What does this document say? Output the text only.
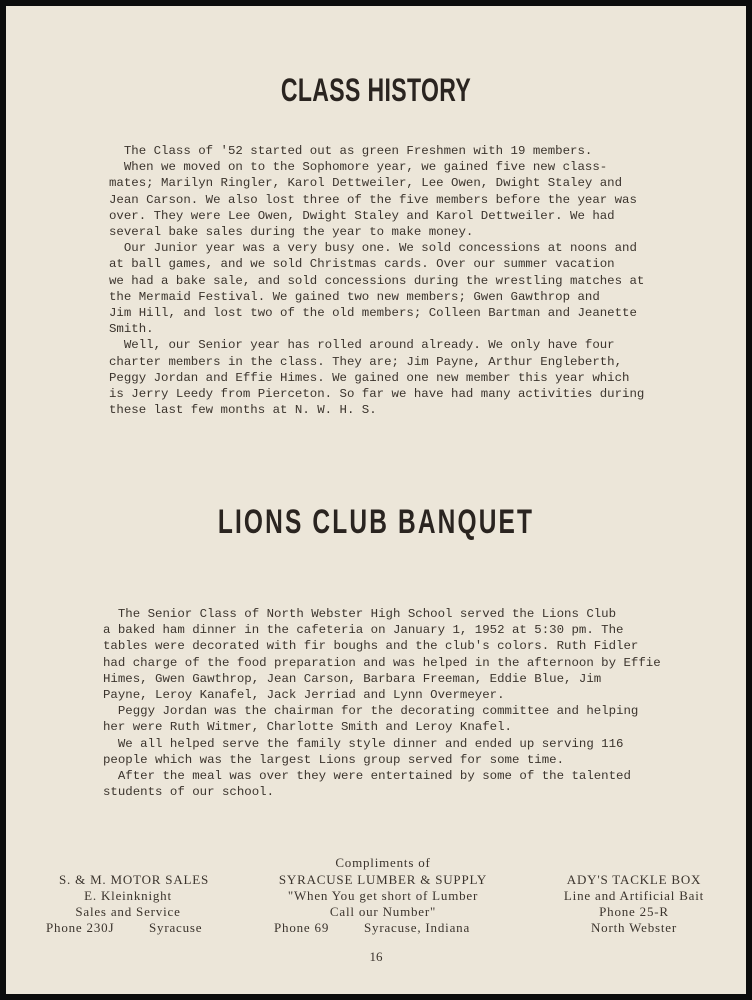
CLASS HISTORY
The Class of '52 started out as green Freshmen with 19 members.
When we moved on to the Sophomore year, we gained five new class-
mates; Marilyn Ringler, Karol Dettweiler, Lee Owen, Dwight Staley and
Jean Carson. We also lost three of the five members before the year was
over. They were Lee Owen, Dwight Staley and Karol Dettweiler. We had
several bake sales during the year to make money.
Our Junior year was a very busy one. We sold concessions at noons and
at ball games, and we sold Christmas cards. Over our summer vacation
we had a bake sale, and sold concessions during the wrestling matches at
the Mermaid Festival. We gained two new members; Gwen Gawthrop and
Jim Hill, and lost two of the old members; Colleen Bartman and Jeanette
Smith.
Well, our Senior year has rolled around already. We only have four
charter members in the class. They are; Jim Payne, Arthur Engleberth,
Peggy Jordan and Effie Himes. We gained one new member this year which
is Jerry Leedy from Pierceton. So far we have had many activities during
these last few months at N. W. H. S.
LIONS CLUB BANQUET
The Senior Class of North Webster High School served the Lions Club
a baked ham dinner in the cafeteria on January 1, 1952 at 5:30 pm. The
tables were decorated with fir boughs and the club's colors. Ruth Fidler
had charge of the food preparation and was helped in the afternoon by Effie
Himes, Gwen Gawthrop, Jean Carson, Barbara Freeman, Eddie Blue, Jim
Payne, Leroy Kanafel, Jack Jerriad and Lynn Overmeyer.
Peggy Jordan was the chairman for the decorating committee and helping
her were Ruth Witmer, Charlotte Smith and Leroy Knafel.
We all helped serve the family style dinner and ended up serving 116
people which was the largest Lions group served for some time.
After the meal was over they were entertained by some of the talented
students of our school.
S. & M. MOTOR SALES
E. Kleinknight
Sales and Service
Phone 230J	Syracuse
Compliments of
SYRACUSE LUMBER & SUPPLY
"When You get short of Lumber
Call our Number"
Phone 69	Syracuse, Indiana
ADY'S TACKLE BOX
Line and Artificial Bait
Phone 25-R
North Webster
16
